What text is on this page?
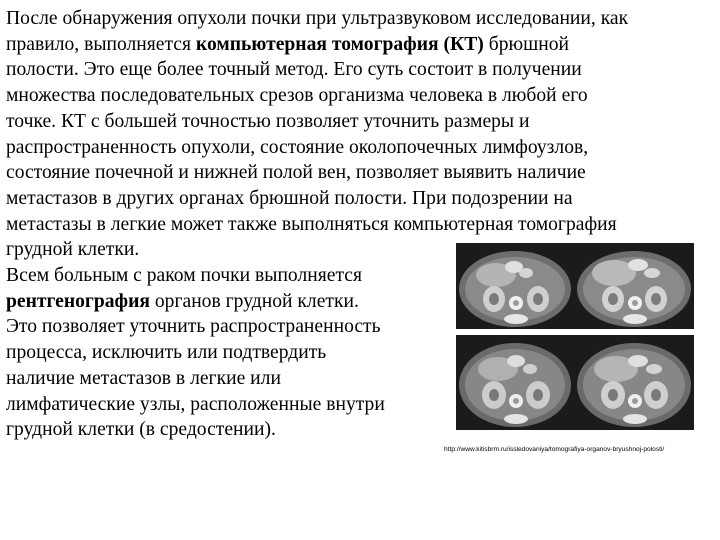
После обнаружения опухоли почки при ультразвуковом исследовании, как
правило, выполняется компьютерная томография (КТ) брюшной
полости. Это еще более точный метод. Его суть состоит в получении
множества последовательных срезов организма человека в любой его
точке. КТ с большей точностью позволяет уточнить размеры и
распространенность опухоли, состояние околопочечных лимфоузлов,
состояние почечной и нижней полой вен, позволяет выявить наличие
метастазов в других органах брюшной полости. При подозрении на
метастазы в легкие может также выполняться компьютерная томография
грудной клетки.
Всем больным с раком почки выполняется
рентгенография органов грудной клетки.
Это позволяет уточнить распространенность
процесса, исключить или подтвердить
наличие метастазов в легкие или
лимфатические узлы, расположенные внутри
грудной клетки (в средостении).
http://www.kitisbrm.ru/issledovaniya/tomografiya-organov-bryushnoj-polosti/
